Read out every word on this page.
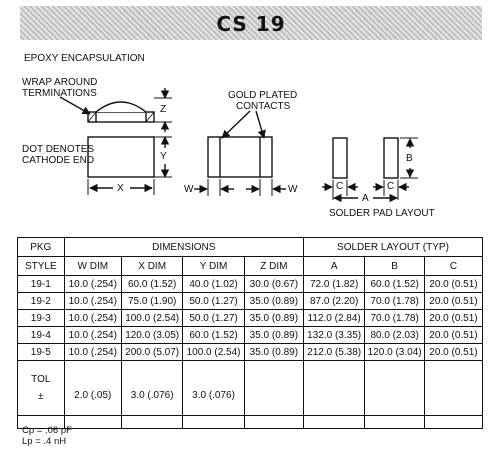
CS 19
EPOXY ENCAPSULATION
WRAP AROUND
TERMINATIONS
DOT DENOTES
CATHODE END
Z
Y
X
GOLD PLATED
CONTACTS
W	W
B
C	C
A
SOLDER PAD LAYOUT
PKG	DIMENSIONS				SOLDER LAYOUT (TYP)		
STYLE	W DIM	X DIM	Y DIM	Z DIM	A	B	C
19-1	10.0 (.254)	60.0 (1.52)	40.0 (1.02)	30.0 (0.67)	72.0 (1.82)	60.0 (1.52)	20.0 (0.51)
19-2	10.0 (.254)	75.0 (1.90)	50.0 (1.27)	35.0 (0.89)	87.0 (2.20)	70.0 (1.78)	20.0 (0.51)
19-3	10.0 (.254)	100.0 (2.54)	50.0 (1.27)	35.0 (0.89)	112.0 (2.84)	70.0 (1.78)	20.0 (0.51)
19-4	10.0 (.254)	120.0 (3.05)	60.0 (1.52)	35.0 (0.89)	132.0 (3.35)	80.0 (2.03)	20.0 (0.51)
19-5	10.0 (.254)	200.0 (5.07)	100.0 (2.54)	35.0 (0.89)	212.0 (5.38)	120.0 (3.04)	20.0 (0.51)

TOL
±	2.0 (.05)	3.0 (.076)	3.0 (.076)				

Cp = .06 pF
Lp = .4 nH
